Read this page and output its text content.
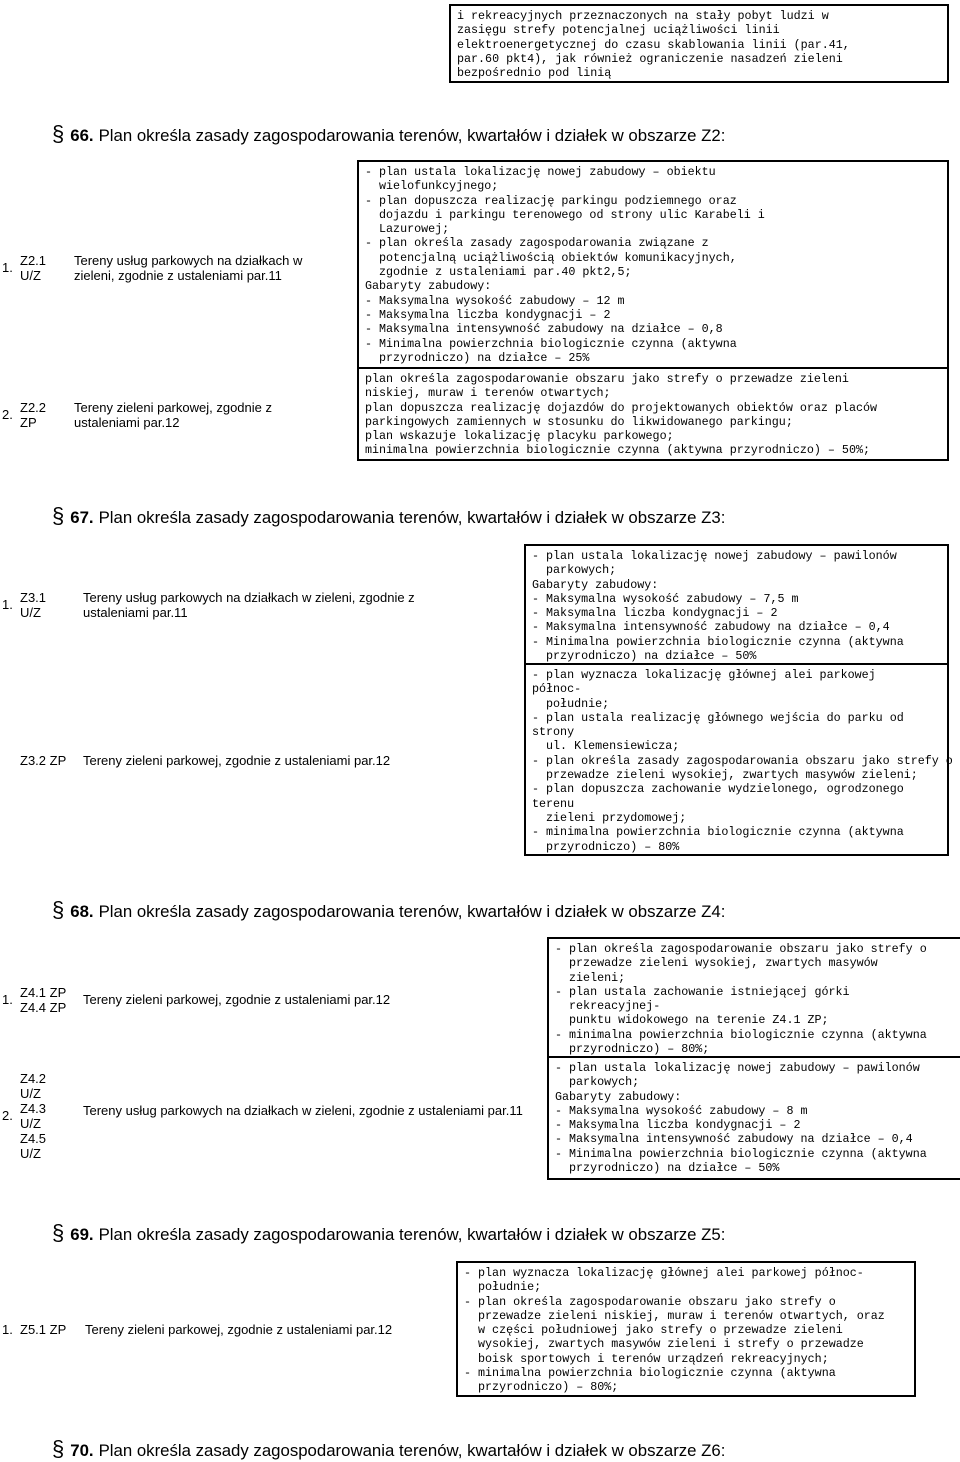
i rekreacyjnych przeznaczonych na stały pobyt ludzi w
zasięgu strefy potencjalnej uciążliwości linii
elektroenergetycznej do czasu skablowania linii (par.41,
par.60 pkt4), jak również ograniczenie nasadzeń zieleni
bezpośrednio pod linią
§ 66. Plan określa zasady zagospodarowania terenów, kwartałów i działek w obszarze Z2:
1. Z2.1
U/Z
Tereny usług parkowych na działkach w zieleni, zgodnie z ustaleniami par.11
- plan ustala lokalizację nowej zabudowy – obiektu
wielofunkcyjnego;
- plan dopuszcza realizację parkingu podziemnego oraz
dojazdu i parkingu terenowego od strony ulic Karabeli i
Lazurowej;
- plan określa zasady zagospodarowania związane z
potencjalną uciążliwością obiektów komunikacyjnych,
zgodnie z ustaleniami par.40 pkt2,5;
Gabaryty zabudowy:
- Maksymalna wysokość zabudowy – 12 m
- Maksymalna liczba kondygnacji – 2
- Maksymalna intensywność zabudowy na działce – 0,8
- Minimalna powierzchnia biologicznie czynna (aktywna
przyrodniczo) na działce – 25%
2. Z2.2
ZP
Tereny zieleni parkowej, zgodnie z ustaleniami par.12
plan określa zagospodarowanie obszaru jako strefy o przewadze zieleni
niskiej, muraw i terenów otwartych;
plan dopuszcza realizację dojazdów do projektowanych obiektów oraz placów
parkingowych zamiennych w stosunku do likwidowanego parkingu;
plan wskazuje lokalizację placyku parkowego;
minimalna powierzchnia biologicznie czynna (aktywna przyrodniczo) – 50%;
§ 67. Plan określa zasady zagospodarowania terenów, kwartałów i działek w obszarze Z3:
1. Z3.1
U/Z
Tereny usług parkowych na działkach w zieleni, zgodnie z ustaleniami par.11
- plan ustala lokalizację nowej zabudowy – pawilonów
parkowych;
Gabaryty zabudowy:
- Maksymalna wysokość zabudowy – 7,5 m
- Maksymalna liczba kondygnacji – 2
- Maksymalna intensywność zabudowy na działce – 0,4
- Minimalna powierzchnia biologicznie czynna (aktywna
przyrodniczo) na działce – 50%
Z3.2 ZP Tereny zieleni parkowej, zgodnie z ustaleniami par.12
- plan wyznacza lokalizację głównej alei parkowej
północ-
południe;
- plan ustala realizację głównego wejścia do parku od
strony
ul. Klemensiewicza;
- plan określa zasady zagospodarowania obszaru jako strefy o
przewadze zieleni wysokiej, zwartych masywów zieleni;
- plan dopuszcza zachowanie wydzielonego, ogrodzonego
terenu
zieleni przydomowej;
- minimalna powierzchnia biologicznie czynna (aktywna
przyrodniczo) – 80%
§ 68. Plan określa zasady zagospodarowania terenów, kwartałów i działek w obszarze Z4:
1. Z4.1 ZP
Z4.4 ZP
Tereny zieleni parkowej, zgodnie z ustaleniami par.12
- plan określa zagospodarowanie obszaru jako strefy o
przewadze zieleni wysokiej, zwartych masywów
zieleni;
- plan ustala zachowanie istniejącej górki
rekreacyjnej-
punktu widokowego na terenie Z4.1 ZP;
- minimalna powierzchnia biologicznie czynna (aktywna
przyrodniczo) – 80%;
2.
Z4.2
U/Z
Z4.3
U/Z
Z4.5
U/Z
Tereny usług parkowych na działkach w zieleni, zgodnie z ustaleniami par.11
- plan ustala lokalizację nowej zabudowy – pawilonów
parkowych;
Gabaryty zabudowy:
- Maksymalna wysokość zabudowy – 8 m
- Maksymalna liczba kondygnacji – 2
- Maksymalna intensywność zabudowy na działce – 0,4
- Minimalna powierzchnia biologicznie czynna (aktywna
przyrodniczo) na działce – 50%
§ 69. Plan określa zasady zagospodarowania terenów, kwartałów i działek w obszarze Z5:
1. Z5.1 ZP Tereny zieleni parkowej, zgodnie z ustaleniami par.12
- plan wyznacza lokalizację głównej alei parkowej północ-
południe;
- plan określa zagospodarowanie obszaru jako strefy o
przewadze zieleni niskiej, muraw i terenów otwartych, oraz
w części południowej jako strefy o przewadze zieleni
wysokiej, zwartych masywów zieleni i strefy o przewadze
boisk sportowych i terenów urządzeń rekreacyjnych;
- minimalna powierzchnia biologicznie czynna (aktywna
przyrodniczo) – 80%;
§ 70. Plan określa zasady zagospodarowania terenów, kwartałów i działek w obszarze Z6:
